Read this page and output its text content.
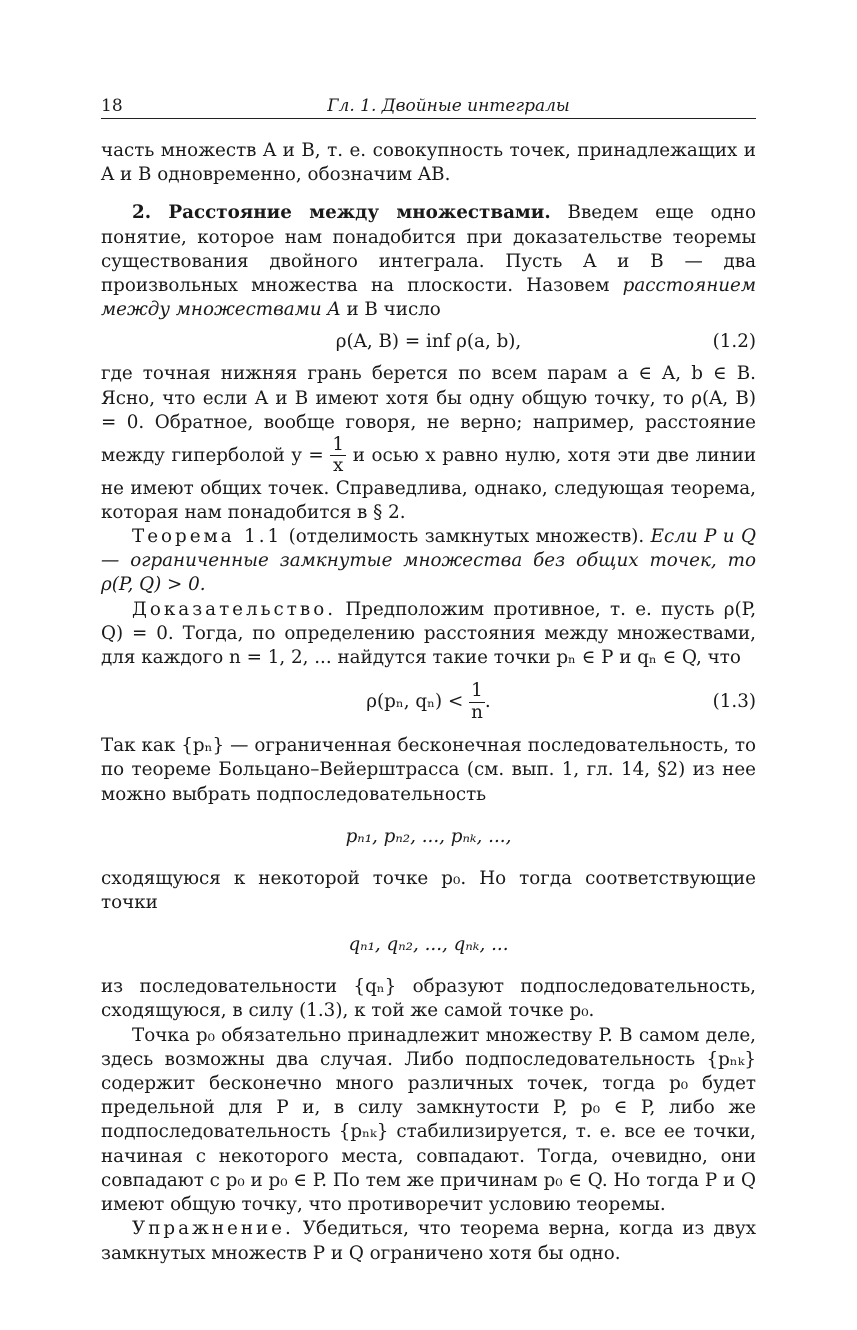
18	Гл. 1. Двойные интегралы

часть множеств A и B, т. е. совокупность точек, принадлежащих и A и B одновременно, обозначим AB.

2. Расстояние между множествами. Введем еще одно понятие, которое нам понадобится при доказательстве теоремы существования двойного интеграла. Пусть A и B — два произвольных множества на плоскости. Назовем расстоянием между множествами A и B число

ρ(A, B) = inf ρ(a, b),	(1.2)

где точная нижняя грань берется по всем парам a ∈ A, b ∈ B. Ясно, что если A и B имеют хотя бы одну общую точку, то ρ(A, B) = 0. Обратное, вообще говоря, не верно; например, расстояние между гиперболой $y = \frac{1}{x}$ и осью x равно нулю, хотя эти две линии не имеют общих точек. Справедлива, однако, следующая теорема, которая нам понадобится в § 2.

Теорема 1.1 (отделимость замкнутых множеств). Если P и Q — ограниченные замкнутые множества без общих точек, то ρ(P, Q) > 0.

Доказательство. Предположим противное, т. е. пусть ρ(P, Q) = 0. Тогда, по определению расстояния между множествами, для каждого n = 1, 2, ... найдутся такие точки pₙ ∈ P и qₙ ∈ Q, что

ρ(pₙ, $q_n) < \frac{1}{n}$ .	(1.3)

Так как {pₙ} — ограниченная бесконечная последовательность, то по теореме Больцано–Вейерштрасса (см. вып. 1, гл. 14, §2) из нее можно выбрать подпоследовательность

pₙ₁, pₙ₂, ..., pₙₖ, ...,

сходящуюся к некоторой точке p₀. Но тогда соответствующие точки

qₙ₁, qₙ₂, ..., qₙₖ, ...

из последовательности {qₙ} образуют подпоследовательность, сходящуюся, в силу (1.3), к той же самой точке p₀.

Точка p₀ обязательно принадлежит множеству P. В самом деле, здесь возможны два случая. Либо подпоследовательность {pₙₖ} содержит бесконечно много различных точек, тогда p₀ будет предельной для P и, в силу замкнутости P, p₀ ∈ P, либо же подпоследовательность {pₙₖ} стабилизируется, т. е. все ее точки, начиная с некоторого места, совпадают. Тогда, очевидно, они совпадают с p₀ и p₀ ∈ P. По тем же причинам p₀ ∈ Q. Но тогда P и Q имеют общую точку, что противоречит условию теоремы.

Упражнение. Убедиться, что теорема верна, когда из двух замкнутых множеств P и Q ограничено хотя бы одно.
